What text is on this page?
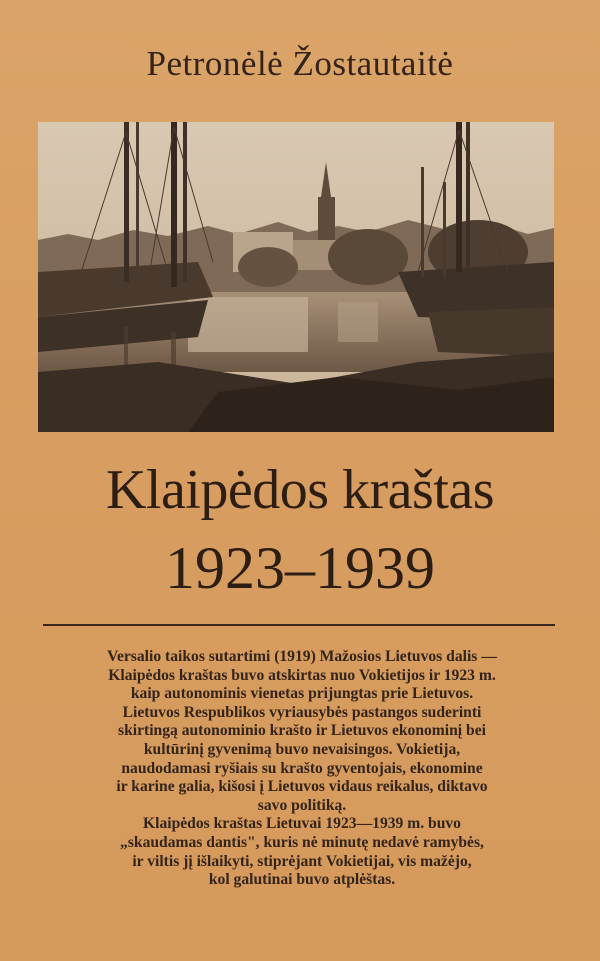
Petronėlė Žostautaitė
Klaipėdos kraštas
1923–1939

Versalio taikos sutartimi (1919) Mažosios Lietuvos dalis —

Klaipėdos kraštas buvo atskirtas nuo Vokietijos ir 1923 m.

kaip autonominis vienetas prijungtas prie Lietuvos.

Lietuvos Respublikos vyriausybės pastangos suderinti

skirtingą autonominio krašto ir Lietuvos ekonominį bei

kultūrinį gyvenimą buvo nevaisingos. Vokietija,

naudodamasi ryšiais su krašto gyventojais, ekonomine

ir karine galia, kišosi į Lietuvos vidaus reikalus, diktavo

savo politiką.

Klaipėdos kraštas Lietuvai 1923—1939 m. buvo

„skaudamas dantis", kuris nė minutę nedavė ramybės,

ir viltis jį išlaikyti, stiprėjant Vokietijai, vis mažėjo,

kol galutinai buvo atplėštas.
